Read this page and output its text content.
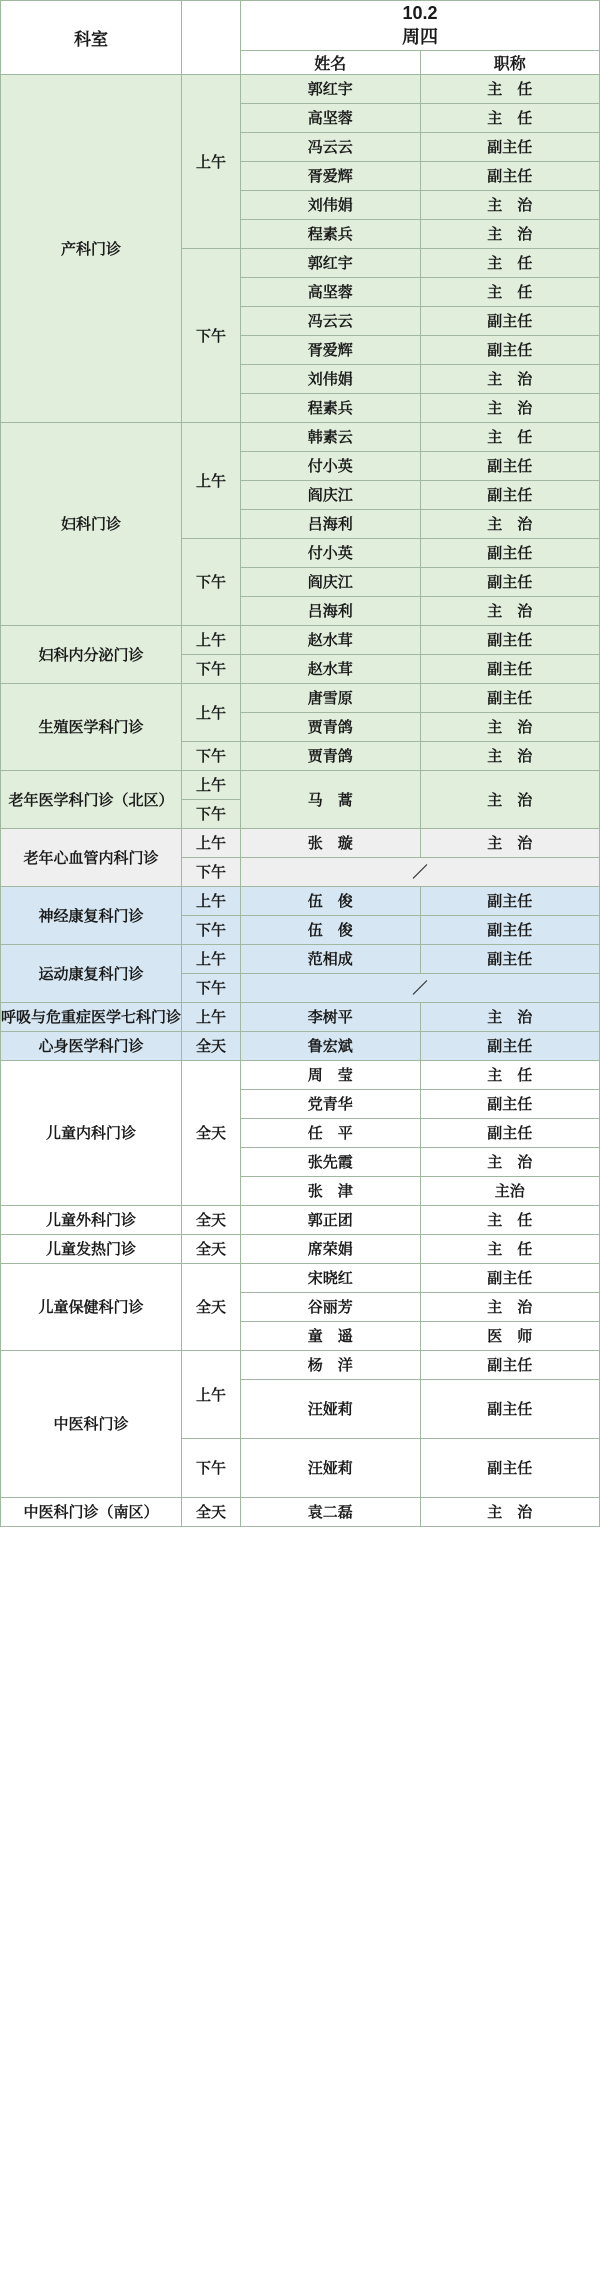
科室		10.2
周四	

		姓名	职称
产科门诊	上午	郭红宇	主　任
		高坚蓉	主　任
		冯云云	副主任
		胥爱辉	副主任
		刘伟娟	主　治
		程素兵	主　治
	下午	郭红宇	主　任
		高坚蓉	主　任
		冯云云	副主任
		胥爱辉	副主任
		刘伟娟	主　治
		程素兵	主　治
妇科门诊	上午	韩素云	主　任
		付小英	副主任
		阎庆江	副主任
		吕海利	主　治
	下午	付小英	副主任
		阎庆江	副主任
		吕海利	主　治
妇科内分泌门诊	上午	赵水茸	副主任
	下午	赵水茸	副主任
生殖医学科门诊	上午	唐雪原	副主任
		贾青鸽	主　治
	下午	贾青鸽	主　治
老年医学科门诊（北区）	上午	马　蒿	主　治
	下午		
老年心血管内科门诊	上午	张　璇	主　治
	下午	／	
神经康复科门诊	上午	伍　俊	副主任
	下午	伍　俊	副主任
运动康复科门诊	上午	范相成	副主任
	下午	／	
呼吸与危重症医学七科门诊	上午	李树平	主　治
心身医学科门诊	全天	鲁宏斌	副主任
儿童内科门诊	全天	周　莹	主　任
		党青华	副主任
		任　平	副主任
		张先霞	主　治
		张　津	主治
儿童外科门诊	全天	郭正团	主　任
儿童发热门诊	全天	席荣娟	主　任
儿童保健科门诊	全天	宋晓红	副主任
		谷丽芳	主　治
		童　遥	医　师
中医科门诊	上午	杨　洋	副主任
		汪娅莉	副主任
	下午	汪娅莉	副主任
中医科门诊（南区）	全天	袁二磊	主　治
